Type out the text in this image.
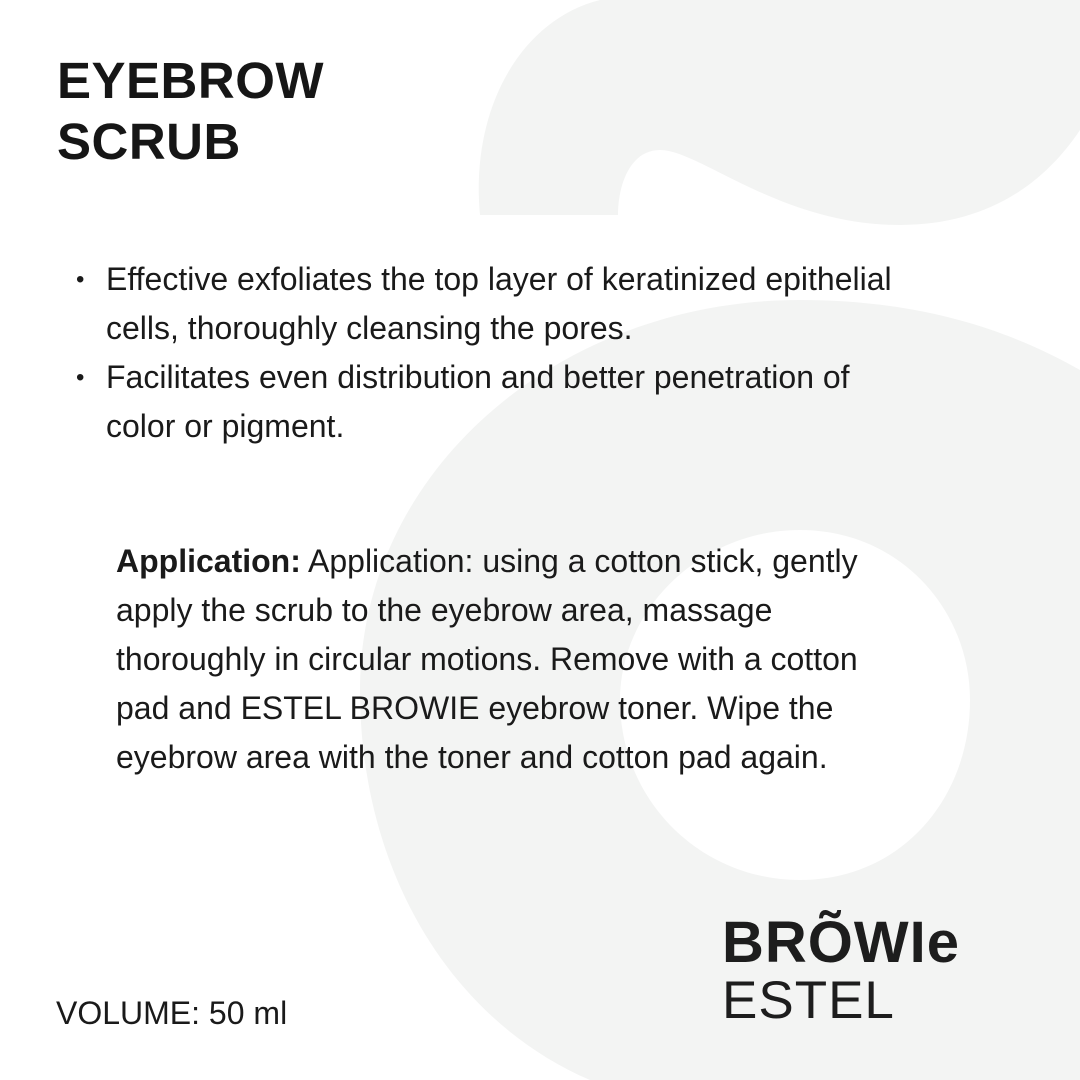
EYEBROW
SCRUB
• Effective exfoliates the top layer of keratinized epithelial cells, thoroughly cleansing the pores.
• Facilitates even distribution and better penetration of color or pigment.

Application: Application: using a cotton stick, gently apply the scrub to the eyebrow area, massage thoroughly in circular motions. Remove with a cotton pad and ESTEL BROWIE eyebrow toner. Wipe the eyebrow area with the toner and cotton pad again.

VOLUME: 50 ml
BRÕWIe
ESTEL
